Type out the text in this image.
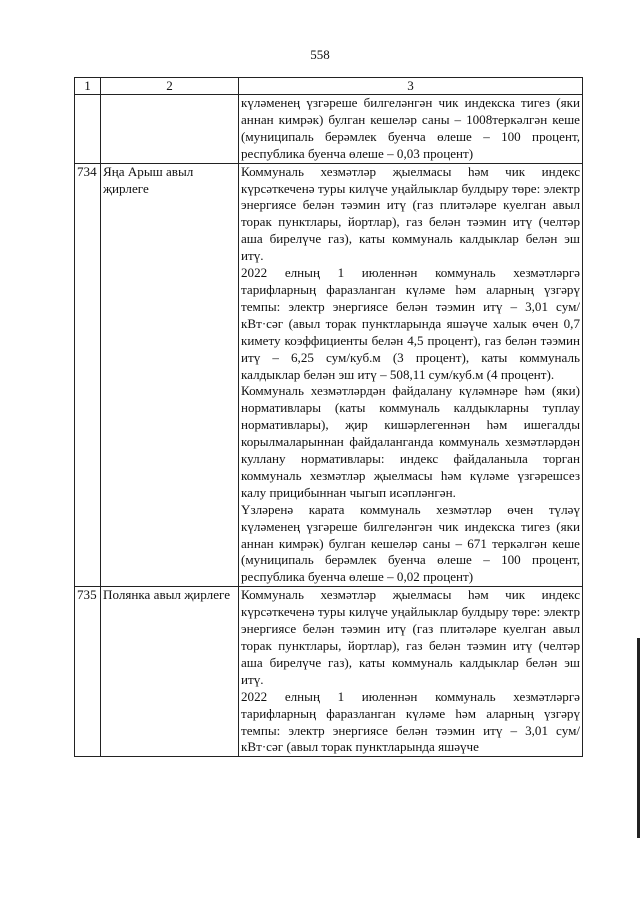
558
1	2	3

		күләменең үзгәреше билгеләнгән чик индекска тигез (яки аннан кимрәк) булган кешеләр саны – 1008теркәлгән кеше (муниципаль берәмлек буенча өлеше – 100 процент, республика буенча өлеше – 0,03 процент)

734	Яңа Арыш авыл җирлеге	Коммуналь хезмәтләр җыелмасы һәм чик индекс күрсәткеченә туры килүче уңайлыклар булдыру төре: электр энергиясе белән тәэмин итү (газ плитәләре куелган авыл торак пунктлары, йортлар), газ белән тәэмин итү (челтәр аша бирелүче газ), каты коммуналь калдыклар белән эш итү.

2022 елның 1 июленнән коммуналь хезмәтләргә тарифларның фаразланган күләме һәм аларның үзгәрү темпы: электр энергиясе белән тәэмин итү – 3,01 сум/кВт·сәг (авыл торак пунктларында яшәүче халык өчен 0,7 кимету коэффициенты белән 4,5 процент), газ белән тәэмин итү – 6,25 сум/куб.м (3 процент), каты коммуналь калдыклар белән эш итү – 508,11 сум/куб.м (4 процент).

Коммуналь хезмәтләрдән файдалану күләмнәре һәм (яки) нормативлары (каты коммуналь калдыкларны туплау нормативлары), җир кишәрлегеннән һәм ишегалды корылмаларыннан файдаланганда коммуналь хезмәтләрдән куллану нормативлары: индекс файдаланыла торган коммуналь хезмәтләр җыелмасы һәм күләме үзгәрешсез калу прицибыннан чыгып исәпләнгән.

Үзләренә карата коммуналь хезмәтләр өчен түләү күләменең үзгәреше билгеләнгән чик индекска тигез (яки аннан кимрәк) булган кешеләр саны – 671 теркәлгән кеше (муниципаль берәмлек буенча өлеше – 100 процент, республика буенча өлеше – 0,02 процент)

735	Полянка авыл җирлеге	Коммуналь хезмәтләр җыелмасы һәм чик индекс күрсәткеченә туры килүче уңайлыклар булдыру төре: электр энергиясе белән тәэмин итү (газ плитәләре куелган авыл торак пунктлары, йортлар), газ белән тәэмин итү (челтәр аша бирелүче газ), каты коммуналь калдыклар белән эш итү.

2022 елның 1 июленнән коммуналь хезмәтләргә тарифларның фаразланган күләме һәм аларның үзгәрү темпы: электр энергиясе белән тәэмин итү – 3,01 сум/кВт·сәг (авыл торак пунктларында яшәүче
